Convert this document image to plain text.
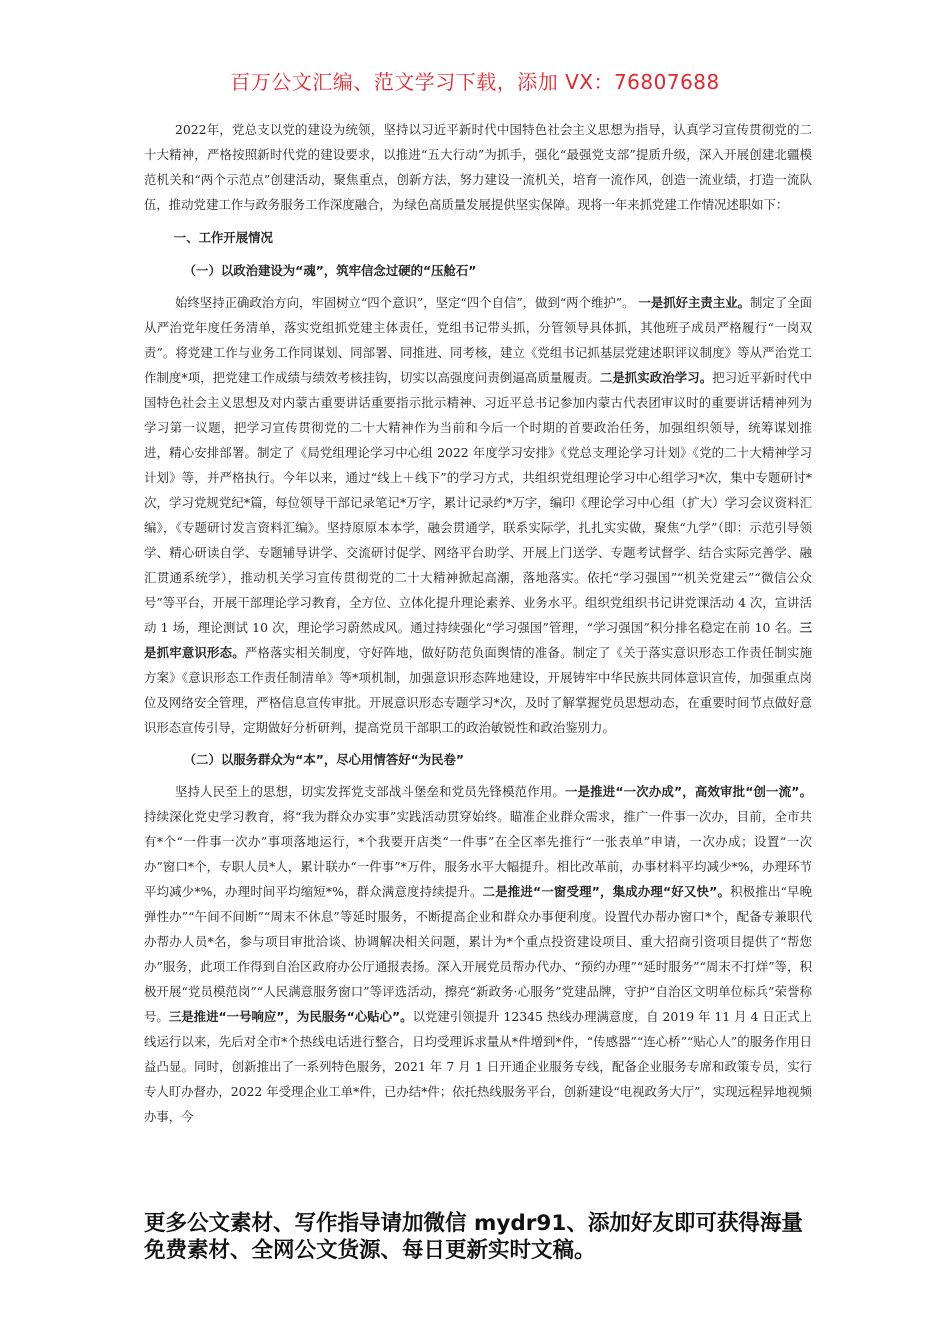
百万公文汇编、范文学习下载，添加 VX：76807688

2022年，党总支以党的建设为统领，坚持以习近平新时代中国特色社会主义思想为指导，认真学习宣传贯彻党的二十大精神，严格按照新时代党的建设要求，以推进“五大行动”为抓手，强化“最强党支部”提质升级，深入开展创建北疆模范机关和“两个示范点”创建活动，聚焦重点，创新方法，努力建设一流机关，培育一流作风，创造一流业绩，打造一流队伍，推动党建工作与政务服务工作深度融合，为绿色高质量发展提供坚实保障。现将一年来抓党建工作情况述职如下：

一、工作开展情况

（一）以政治建设为“魂”，筑牢信念过硬的“压舱石”

始终坚持正确政治方向，牢固树立“四个意识”，坚定“四个自信”，做到“两个维护”。 一是抓好主责主业。制定了全面从严治党年度任务清单，落实党组抓党建主体责任，党组书记带头抓，分管领导具体抓，其他班子成员严格履行“一岗双责”。将党建工作与业务工作同谋划、同部署、同推进、同考核，建立《党组书记抓基层党建述职评议制度》等从严治党工作制度*项，把党建工作成绩与绩效考核挂钩，切实以高强度问责倒逼高质量履责。二是抓实政治学习。把习近平新时代中国特色社会主义思想及对内蒙古重要讲话重要指示批示精神、习近平总书记参加内蒙古代表团审议时的重要讲话精神列为学习第一议题，把学习宣传贯彻党的二十大精神作为当前和今后一个时期的首要政治任务，加强组织领导，统筹谋划推进，精心安排部署。制定了《局党组理论学习中心组 2022 年度学习安排》《党总支理论学习计划》《党的二十大精神学习计划》等，并严格执行。今年以来，通过“线上＋线下”的学习方式，共组织党组理论学习中心组学习*次，集中专题研讨*次，学习党规党纪*篇，每位领导干部记录笔记*万字，累计记录约*万字，编印《理论学习中心组（扩大）学习会议资料汇编》，《专题研讨发言资料汇编》。坚持原原本本学，融会贯通学，联系实际学，扎扎实实做，聚焦“九学”（即：示范引导领学、精心研读自学、专题辅导讲学、交流研讨促学、网络平台助学、开展上门送学、专题考试督学、结合实际完善学、融汇贯通系统学），推动机关学习宣传贯彻党的二十大精神掀起高潮，落地落实。依托“学习强国”“机关党建云”“微信公众号”等平台，开展干部理论学习教育，全方位、立体化提升理论素养、业务水平。组织党组织书记讲党课活动 4 次，宣讲活动 1 场，理论测试 10 次，理论学习蔚然成风。通过持续强化“学习强国”管理，“学习强国”积分排名稳定在前 10 名。三是抓牢意识形态。严格落实相关制度，守好阵地，做好防范负面舆情的准备。制定了《关于落实意识形态工作责任制实施方案》《意识形态工作责任制清单》等*项机制，加强意识形态阵地建设，开展铸牢中华民族共同体意识宣传，加强重点岗位及网络安全管理，严格信息宣传审批。开展意识形态专题学习*次，及时了解掌握党员思想动态，在重要时间节点做好意识形态宣传引导，定期做好分析研判，提高党员干部职工的政治敏锐性和政治鉴别力。

（二）以服务群众为“本”，尽心用情答好“为民卷”

坚持人民至上的思想，切实发挥党支部战斗堡垒和党员先锋模范作用。一是推进“一次办成”，高效审批“创一流”。持续深化党史学习教育，将“我为群众办实事”实践活动贯穿始终。瞄准企业群众需求，推广一件事一次办，目前，全市共有*个“一件事一次办”事项落地运行，*个我要开店类“一件事”在全区率先推行“一张表单”申请，一次办成；设置“一次办”窗口*个，专职人员*人，累计联办“一件事”*万件，服务水平大幅提升。相比改革前，办事材料平均减少*%，办理环节平均减少*%，办理时间平均缩短*%，群众满意度持续提升。二是推进“一窗受理”，集成办理“好又快”。积极推出“早晚弹性办”“午间不间断”“周末不休息”等延时服务，不断提高企业和群众办事便利度。设置代办帮办窗口*个，配备专兼职代办帮办人员*名，参与项目审批洽谈、协调解决相关问题，累计为*个重点投资建设项目、重大招商引资项目提供了“帮您办”服务，此项工作得到自治区政府办公厅通报表扬。深入开展党员帮办代办、“预约办理”“延时服务”“周末不打烊”等，积极开展“党员模范岗”“人民满意服务窗口”等评选活动，擦亮“新政务·心服务”党建品牌，守护“自治区文明单位标兵”荣誉称号。三是推进“一号响应”，为民服务“心贴心”。以党建引领提升 12345 热线办理满意度，自 2019 年 11 月 4 日正式上线运行以来，先后对全市*个热线电话进行整合，日均受理诉求量从*件增到*件，“传感器”“连心桥”“贴心人”的服务作用日益凸显。同时，创新推出了一系列特色服务，2021 年 7 月 1 日开通企业服务专线，配备企业服务专席和政策专员，实行专人盯办督办，2022 年受理企业工单*件，已办结*件；依托热线服务平台，创新建设“电视政务大厅”，实现远程异地视频办事，今

更多公文素材、写作指导请加微信 mydr91、添加好友即可获得海量免费素材、全网公文货源、每日更新实时文稿。
